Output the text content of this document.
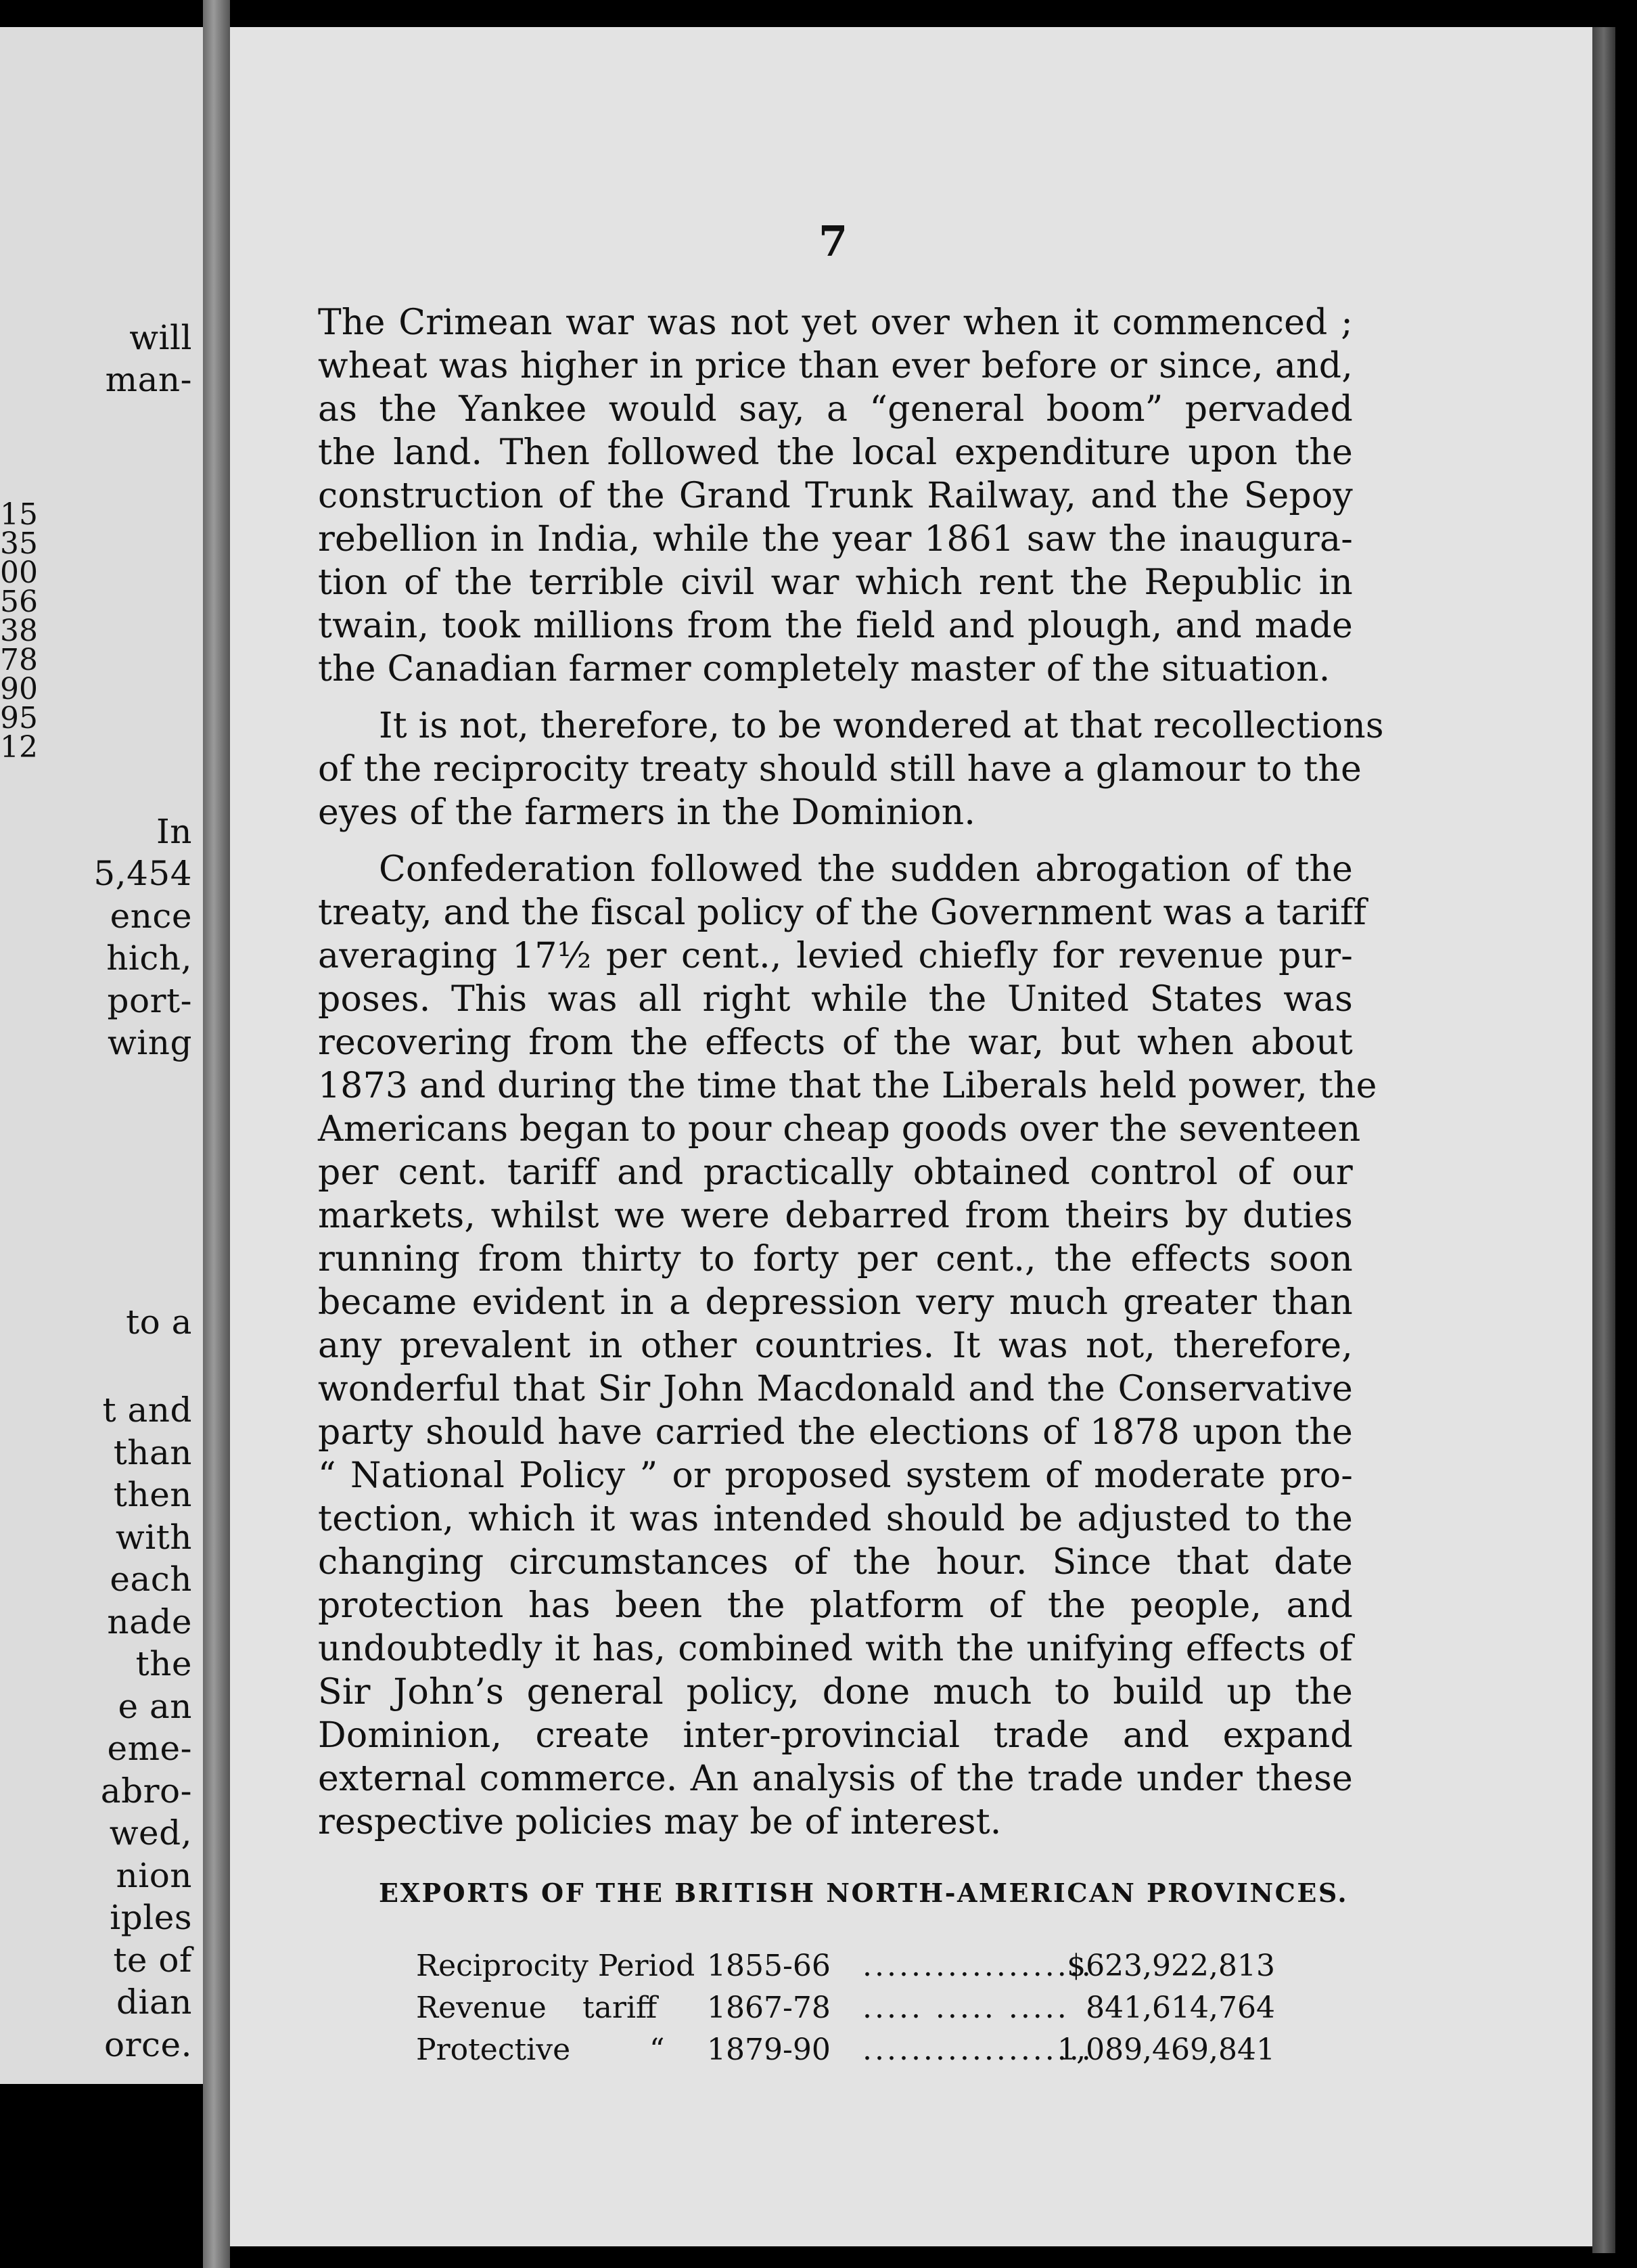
will
man-
In
5,454
ence
hich,
port-
wing
to a
t and
than
then
with
each
nade
the
e an
eme-
abro-
wed,
nion
iples
te of
dian
orce.
15
35
00
56
38
78
90
95
12
7
The Crimean war was not yet over when it commenced ;
wheat was higher in price than ever before or since, and,
as the Yankee would say, a “general boom” pervaded
the land. Then followed the local expenditure upon the
construction of the Grand Trunk Railway, and the Sepoy
rebellion in India, while the year 1861 saw the inaugura-
tion of the terrible civil war which rent the Republic in
twain, took millions from the field and plough, and made
the Canadian farmer completely master of the situation.
It is not, therefore, to be wondered at that recollections
of the reciprocity treaty should still have a glamour to the
eyes of the farmers in the Dominion.
Confederation followed the sudden abrogation of the
treaty, and the fiscal policy of the Government was a tariff
averaging 17½ per cent., levied chiefly for revenue pur-
poses. This was all right while the United States was
recovering from the effects of the war, but when about
1873 and during the time that the Liberals held power, the
Americans began to pour cheap goods over the seventeen
per cent. tariff and practically obtained control of our
markets, whilst we were debarred from theirs by duties
running from thirty to forty per cent., the effects soon
became evident in a depression very much greater than
any prevalent in other countries. It was not, therefore,
wonderful that Sir John Macdonald and the Conservative
party should have carried the elections of 1878 upon the
“ National Policy ” or proposed system of moderate pro-
tection, which it was intended should be adjusted to the
changing circumstances of the hour. Since that date
protection has been the platform of the people, and
undoubtedly it has, combined with the unifying effects of
Sir John’s general policy, done much to build up the
Dominion, create inter-provincial trade and expand
external commerce. An analysis of the trade under these
respective policies may be of interest.
EXPORTS OF THE BRITISH NORTH-AMERICAN PROVINCES.
Reciprocity Period 1855-66 ...................
$623,922,813
Revenue tariff 1867-78 ..... ..... ..... 841,614,764
Protective	“ 1879-90 ...................
1,089,469,841
